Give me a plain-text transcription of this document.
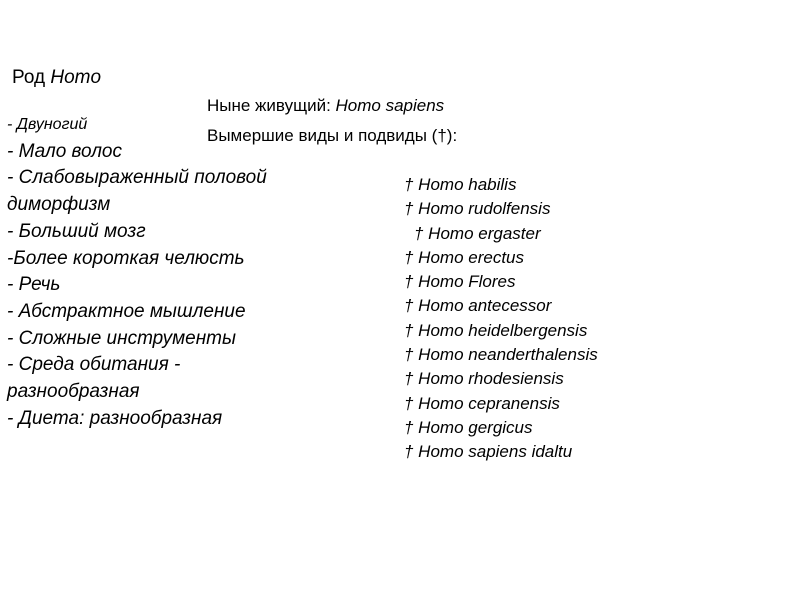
Род Homo
- Двуногий
- Мало волос
- Слабовыраженный половой диморфизм
- Больший мозг
-Более короткая челюсть
- Речь
- Абстрактное мышление
- Сложные инструменты
- Среда обитания - разнообразная
- Диета: разнообразная
Ныне живущий: Homo sapiens
Вымершие виды и подвиды (†):
† Homo habilis
† Homo rudolfensis
† Homo ergaster
† Homo erectus
† Homo Flores
† Homo antecessor
† Homo heidelbergensis
† Homo neanderthalensis
† Homo rhodesiensis
† Homo cepranensis
† Homo gergicus
† Homo sapiens idaltu
